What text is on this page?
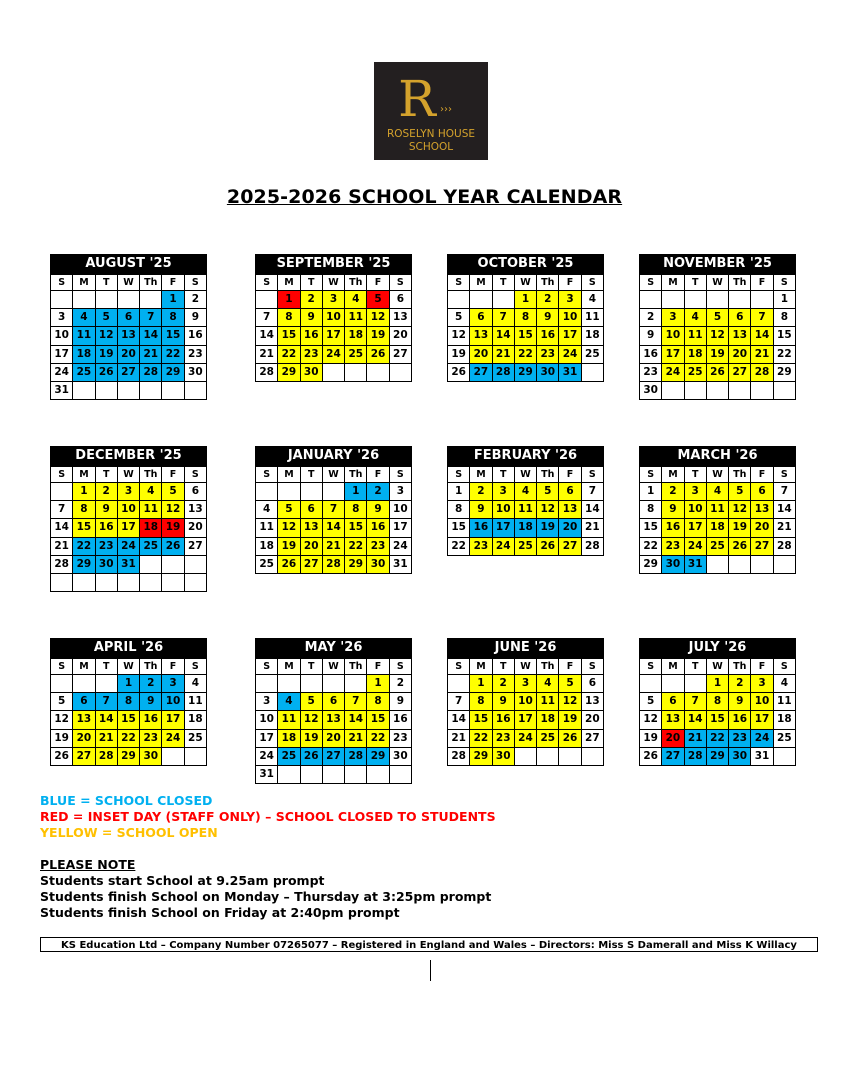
R ›››
ROSELYN HOUSE
SCHOOL
2025-2026 SCHOOL YEAR CALENDAR
AUGUST '25
S	M	T	W	Th	F	S
					1	2
3	4	5	6	7	8	9
10	11	12	13	14	15	16
17	18	19	20	21	22	23
24	25	26	27	28	29	30
31						
SEPTEMBER '25
S	M	T	W	Th	F	S
	1	2	3	4	5	6
7	8	9	10	11	12	13
14	15	16	17	18	19	20
21	22	23	24	25	26	27
28	29	30				
OCTOBER '25
S	M	T	W	Th	F	S
			1	2	3	4
5	6	7	8	9	10	11
12	13	14	15	16	17	18
19	20	21	22	23	24	25
26	27	28	29	30	31	
NOVEMBER '25
S	M	T	W	Th	F	S
						1
2	3	4	5	6	7	8
9	10	11	12	13	14	15
16	17	18	19	20	21	22
23	24	25	26	27	28	29
30						
DECEMBER '25
S	M	T	W	Th	F	S
	1	2	3	4	5	6
7	8	9	10	11	12	13
14	15	16	17	18	19	20
21	22	23	24	25	26	27
28	29	30	31			

JANUARY '26
S	M	T	W	Th	F	S
				1	2	3
4	5	6	7	8	9	10
11	12	13	14	15	16	17
18	19	20	21	22	23	24
25	26	27	28	29	30	31
FEBRUARY '26
S	M	T	W	Th	F	S
1	2	3	4	5	6	7
8	9	10	11	12	13	14
15	16	17	18	19	20	21
22	23	24	25	26	27	28
MARCH '26
S	M	T	W	Th	F	S
1	2	3	4	5	6	7
8	9	10	11	12	13	14
15	16	17	18	19	20	21
22	23	24	25	26	27	28
29	30	31				
APRIL '26
S	M	T	W	Th	F	S
			1	2	3	4
5	6	7	8	9	10	11
12	13	14	15	16	17	18
19	20	21	22	23	24	25
26	27	28	29	30		
MAY '26
S	M	T	W	Th	F	S
					1	2
3	4	5	6	7	8	9
10	11	12	13	14	15	16
17	18	19	20	21	22	23
24	25	26	27	28	29	30
31						
JUNE '26
S	M	T	W	Th	F	S
	1	2	3	4	5	6
7	8	9	10	11	12	13
14	15	16	17	18	19	20
21	22	23	24	25	26	27
28	29	30				
JULY '26
S	M	T	W	Th	F	S
			1	2	3	4
5	6	7	8	9	10	11
12	13	14	15	16	17	18
19	20	21	22	23	24	25
26	27	28	29	30	31	
BLUE = SCHOOL CLOSED
RED = INSET DAY (STAFF ONLY) – SCHOOL CLOSED TO STUDENTS
YELLOW = SCHOOL OPEN
PLEASE NOTE
Students start School at 9.25am prompt
Students finish School on Monday – Thursday at 3:25pm prompt
Students finish School on Friday at 2:40pm prompt
KS Education Ltd – Company Number 07265077 – Registered in England and Wales – Directors: Miss S Damerall and Miss K Willacy
